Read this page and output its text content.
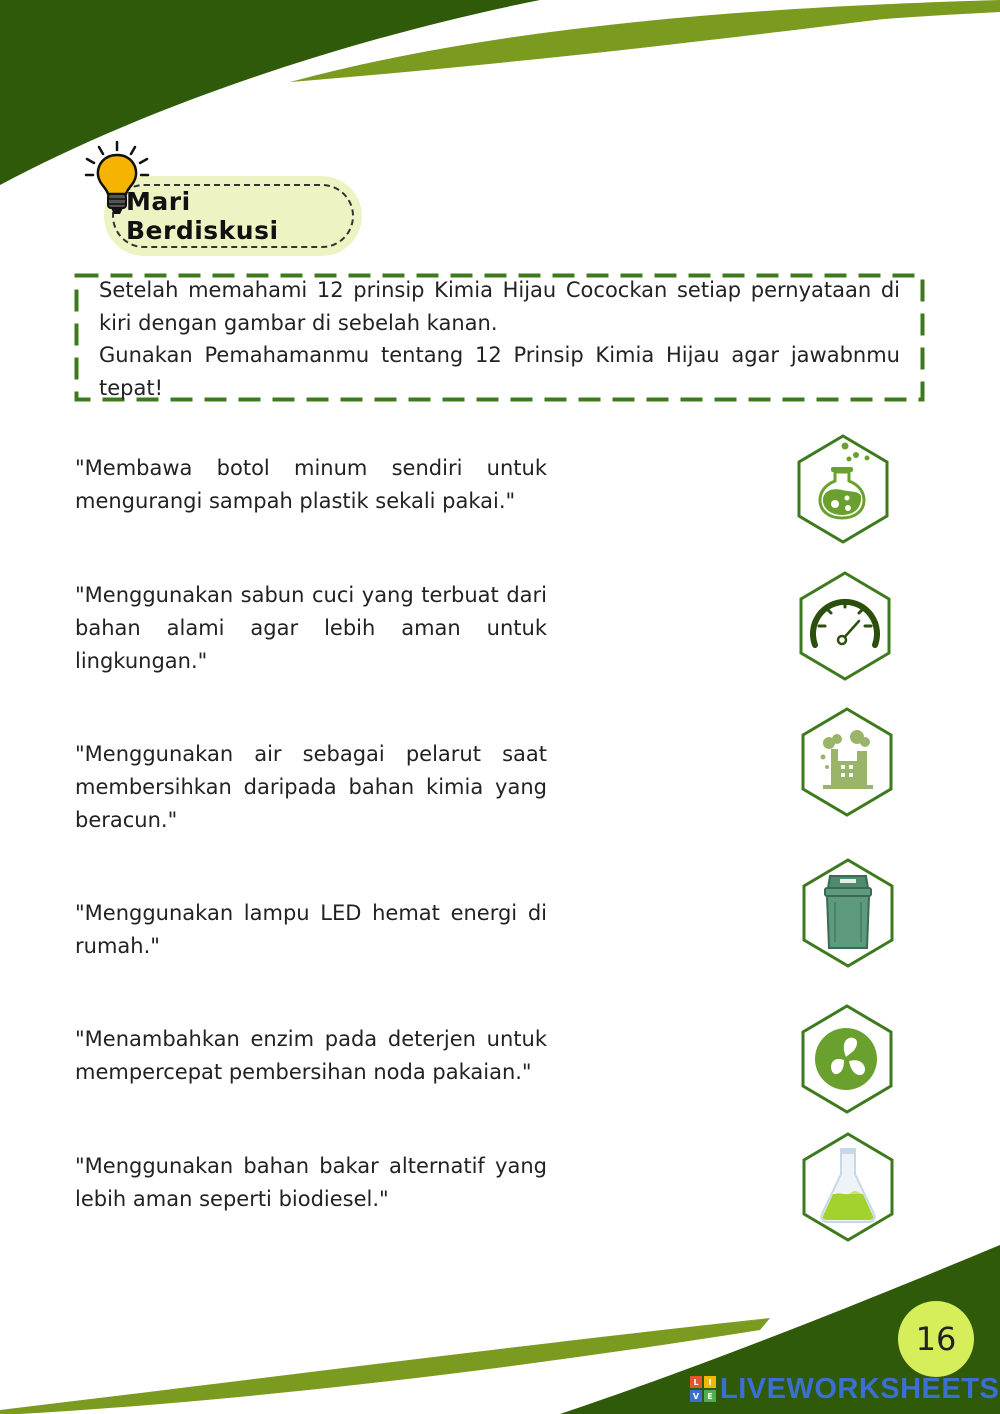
Mari Berdiskusi

Setelah memahami 12 prinsip Kimia Hijau Cocockan setiap pernyataan di kiri dengan gambar di sebelah kanan.

Gunakan Pemahamanmu tentang 12 Prinsip Kimia Hijau agar jawabnmu tepat!

"Membawa botol minum sendiri untuk mengurangi sampah plastik sekali pakai."
"Menggunakan sabun cuci yang terbuat dari bahan alami agar lebih aman untuk lingkungan."
"Menggunakan air sebagai pelarut saat membersihkan daripada bahan kimia yang beracun."
"Menggunakan lampu LED hemat energi di rumah."
"Menambahkan enzim pada deterjen untuk mempercepat pembersihan noda pakaian."
"Menggunakan bahan bakar alternatif yang lebih aman seperti biodiesel."
16
L	I
V	E LIVEWORKSHEETS
